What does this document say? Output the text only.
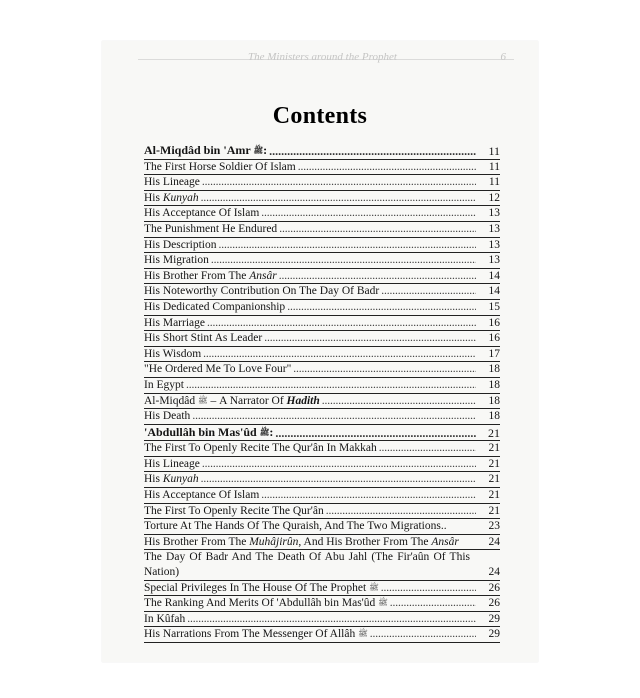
The Ministers around the Prophet	6
Contents
Al-Miqdâd bin 'Amr ﷺ: . . .	11
The First Horse Soldier Of Islam . . .	11
His Lineage . . .	11
His Kunyah . . .	12
His Acceptance Of Islam . . .	13
The Punishment He Endured . . .	13
His Description . . .	13
His Migration . . .	13
His Brother From The Ansâr . . .	14
His Noteworthy Contribution On The Day Of Badr . . .	14
His Dedicated Companionship . . .	15
His Marriage . . .	16
His Short Stint As Leader . . .	16
His Wisdom . . .	17
"He Ordered Me To Love Four" . . .	18
In Egypt . . .	18
Al-Miqdâd ﷺ – A Narrator Of Hadith . . .	18
His Death . . .	18
'Abdullâh bin Mas'ûd ﷺ: . . .	21
The First To Openly Recite The Qur'ân In Makkah . . .	21
His Lineage . . .	21
His Kunyah . . .	21
His Acceptance Of Islam . . .	21
The First To Openly Recite The Qur'ân . . .	21
Torture At The Hands Of The Quraish, And The Two Migrations..	23
His Brother From The Muhâjirûn, And His Brother From The Ansâr	24
The Day Of Badr And The Death Of Abu Jahl (The Fir'aûn Of This Nation)	24
Special Privileges In The House Of The Prophet ﷺ . . .	26
The Ranking And Merits Of 'Abdullâh bin Mas'ûd ﷺ . . .	26
In Kûfah . . .	29
His Narrations From The Messenger Of Allâh ﷺ . . .	29
